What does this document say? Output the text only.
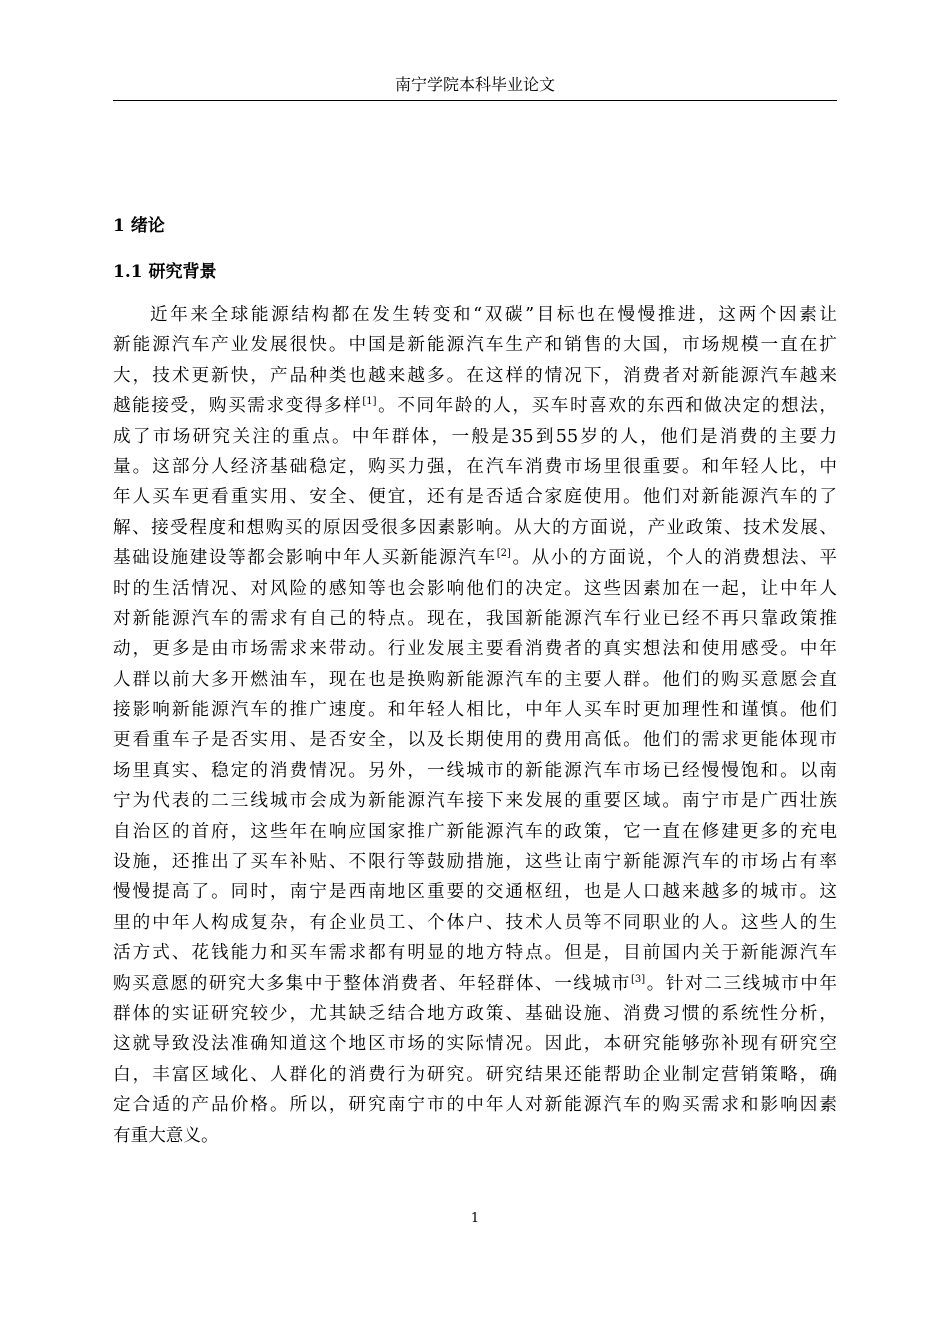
南宁学院本科毕业论文
1 绪论
1.1 研究背景
近年来全球能源结构都在发生转变和“双碳”目标也在慢慢推进，这两个因素让
新能源汽车产业发展很快。中国是新能源汽车生产和销售的大国，市场规模一直在扩
大，技术更新快，产品种类也越来越多。在这样的情况下，消费者对新能源汽车越来
越能接受，购买需求变得多样[1]。不同年龄的人，买车时喜欢的东西和做决定的想法，
成了市场研究关注的重点。中年群体，一般是35到55岁的人，他们是消费的主要力
量。这部分人经济基础稳定，购买力强，在汽车消费市场里很重要。和年轻人比，中
年人买车更看重实用、安全、便宜，还有是否适合家庭使用。他们对新能源汽车的了
解、接受程度和想购买的原因受很多因素影响。从大的方面说，产业政策、技术发展、
基础设施建设等都会影响中年人买新能源汽车[2]。从小的方面说，个人的消费想法、平
时的生活情况、对风险的感知等也会影响他们的决定。这些因素加在一起，让中年人
对新能源汽车的需求有自己的特点。现在，我国新能源汽车行业已经不再只靠政策推
动，更多是由市场需求来带动。行业发展主要看消费者的真实想法和使用感受。中年
人群以前大多开燃油车，现在也是换购新能源汽车的主要人群。他们的购买意愿会直
接影响新能源汽车的推广速度。和年轻人相比，中年人买车时更加理性和谨慎。他们
更看重车子是否实用、是否安全，以及长期使用的费用高低。他们的需求更能体现市
场里真实、稳定的消费情况。另外，一线城市的新能源汽车市场已经慢慢饱和。以南
宁为代表的二三线城市会成为新能源汽车接下来发展的重要区域。南宁市是广西壮族
自治区的首府，这些年在响应国家推广新能源汽车的政策，它一直在修建更多的充电
设施，还推出了买车补贴、不限行等鼓励措施，这些让南宁新能源汽车的市场占有率
慢慢提高了。同时，南宁是西南地区重要的交通枢纽，也是人口越来越多的城市。这
里的中年人构成复杂，有企业员工、个体户、技术人员等不同职业的人。这些人的生
活方式、花钱能力和买车需求都有明显的地方特点。但是，目前国内关于新能源汽车
购买意愿的研究大多集中于整体消费者、年轻群体、一线城市[3]。针对二三线城市中年
群体的实证研究较少，尤其缺乏结合地方政策、基础设施、消费习惯的系统性分析，
这就导致没法准确知道这个地区市场的实际情况。因此，本研究能够弥补现有研究空
白，丰富区域化、人群化的消费行为研究。研究结果还能帮助企业制定营销策略，确
定合适的产品价格。所以，研究南宁市的中年人对新能源汽车的购买需求和影响因素
有重大意义。
1
